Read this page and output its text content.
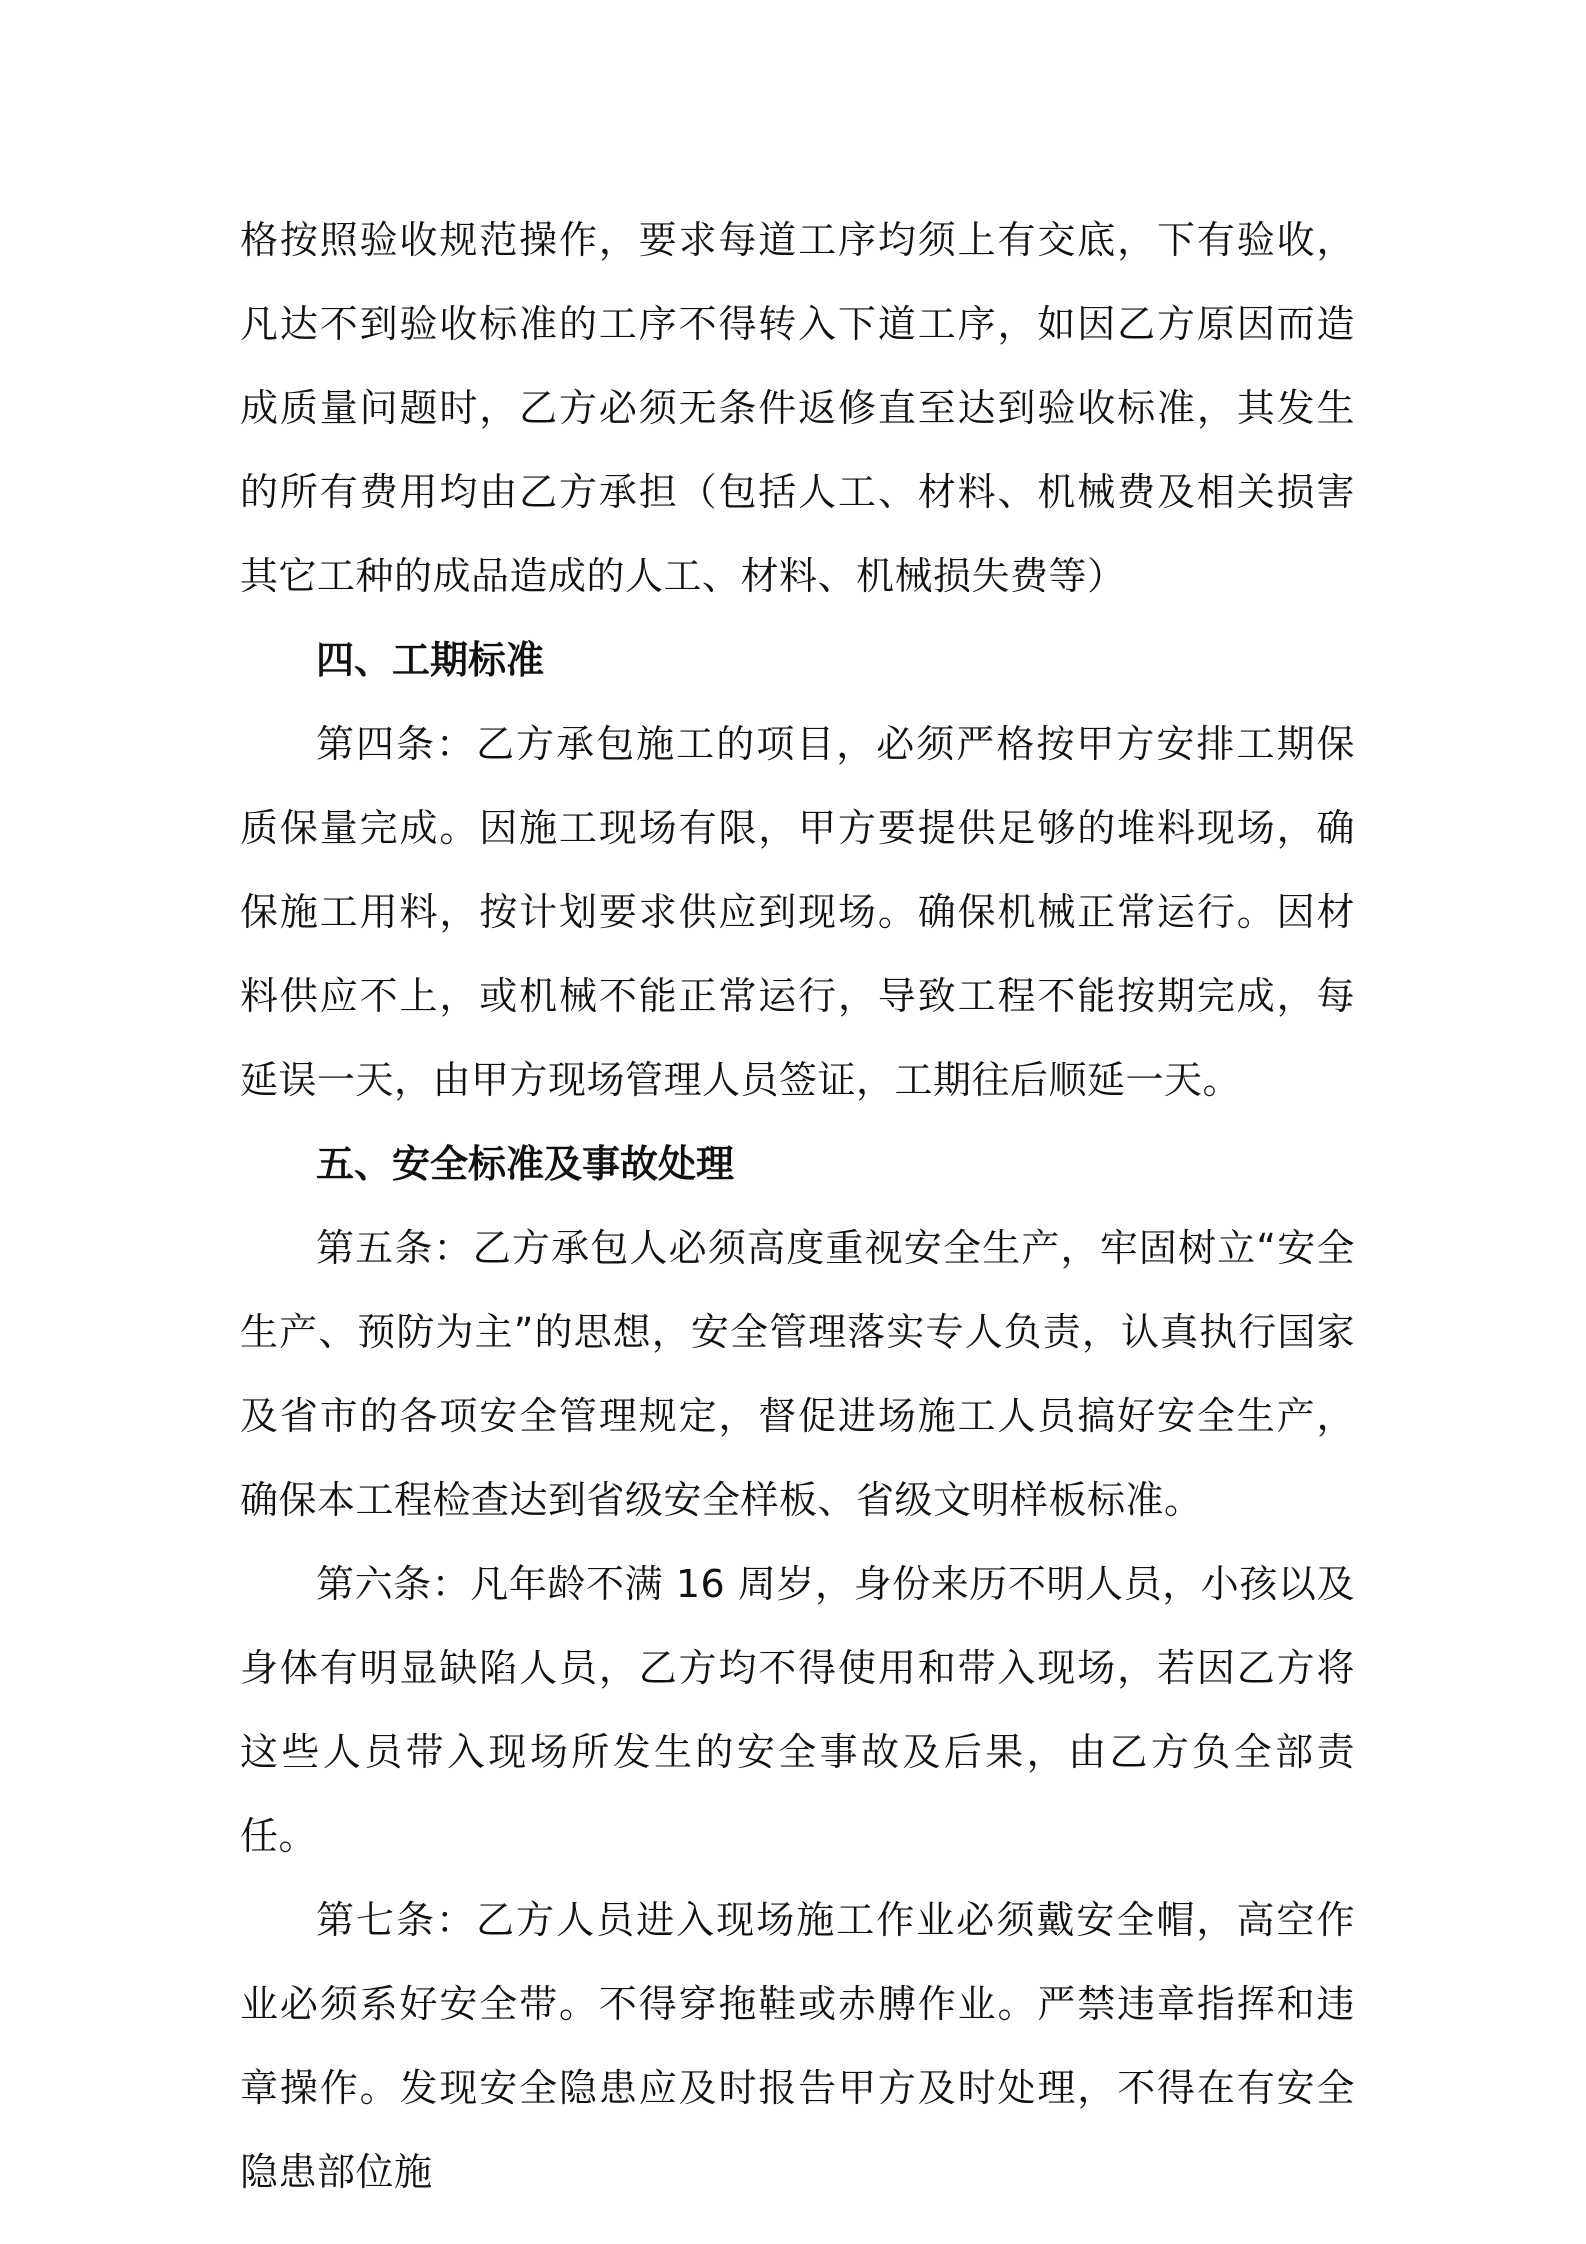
格按照验收规范操作，要求每道工序均须上有交底，下有验收，凡达不到验收标准的工序不得转入下道工序，如因乙方原因而造成质量问题时，乙方必须无条件返修直至达到验收标准，其发生的所有费用均由乙方承担（包括人工、材料、机械费及相关损害其它工种的成品造成的人工、材料、机械损失费等）

四、工期标准

第四条：乙方承包施工的项目，必须严格按甲方安排工期保质保量完成。因施工现场有限，甲方要提供足够的堆料现场，确保施工用料，按计划要求供应到现场。确保机械正常运行。因材料供应不上，或机械不能正常运行，导致工程不能按期完成，每延误一天，由甲方现场管理人员签证，工期往后顺延一天。

五、安全标准及事故处理

第五条：乙方承包人必须高度重视安全生产，牢固树立“安全生产、预防为主”的思想，安全管理落实专人负责，认真执行国家及省市的各项安全管理规定，督促进场施工人员搞好安全生产，确保本工程检查达到省级安全样板、省级文明样板标准。

第六条：凡年龄不满 16 周岁，身份来历不明人员，小孩以及身体有明显缺陷人员，乙方均不得使用和带入现场，若因乙方将这些人员带入现场所发生的安全事故及后果，由乙方负全部责任。

第七条：乙方人员进入现场施工作业必须戴安全帽，高空作业必须系好安全带。不得穿拖鞋或赤膊作业。严禁违章指挥和违章操作。发现安全隐患应及时报告甲方及时处理，不得在有安全隐患部位施
